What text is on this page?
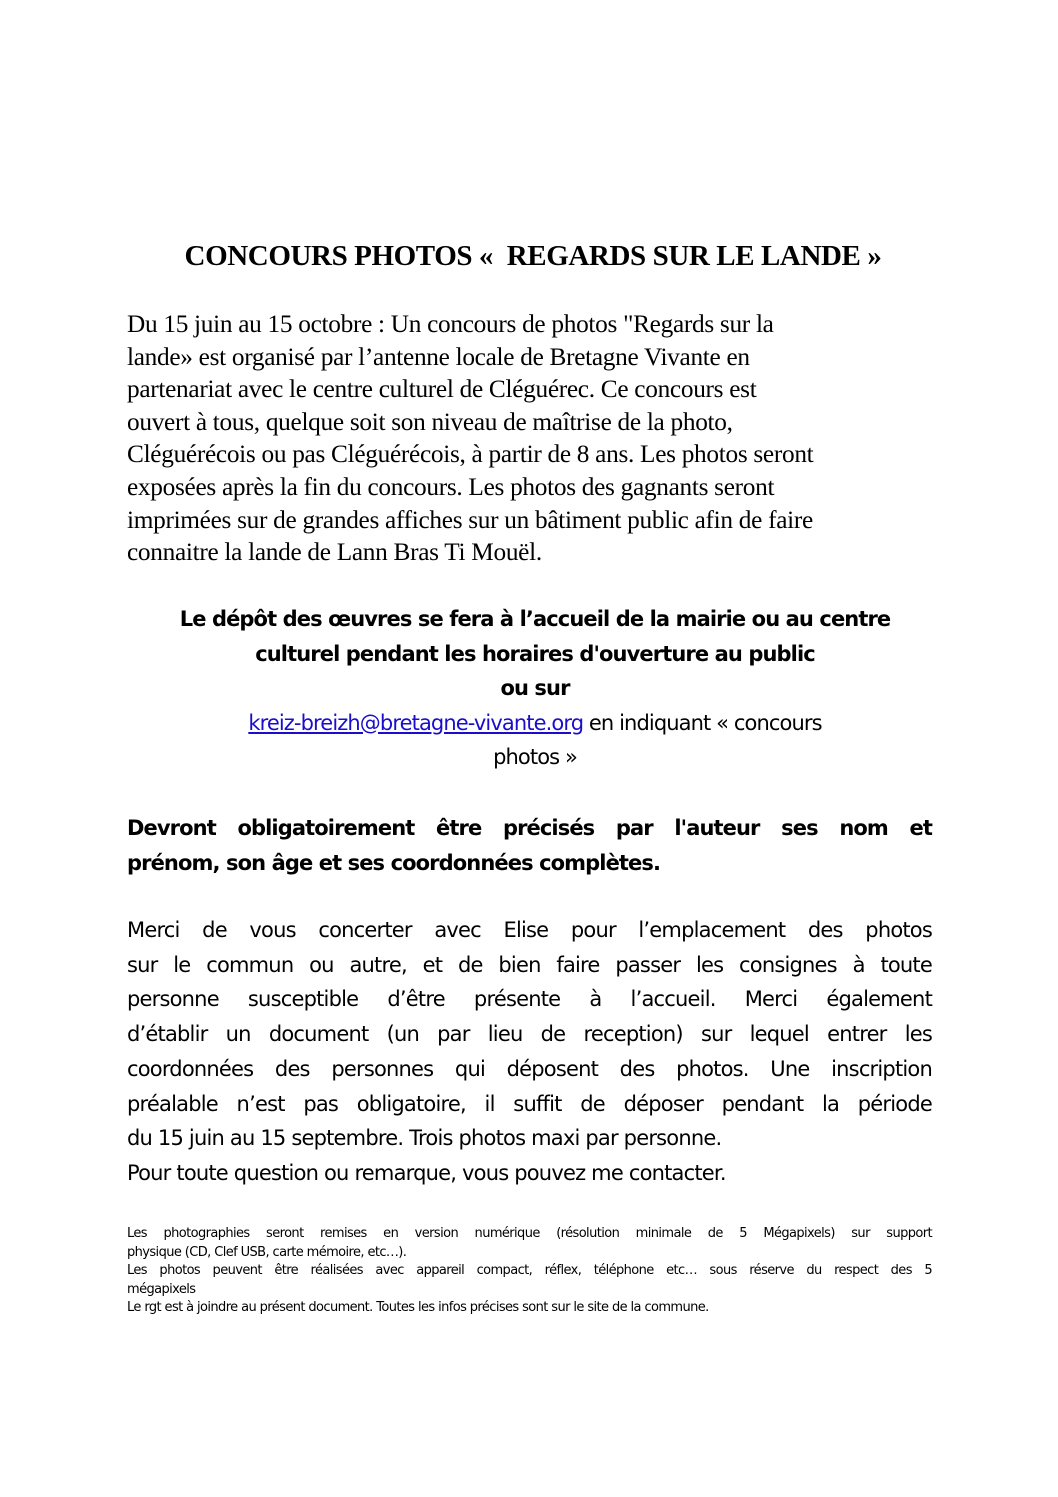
CONCOURS PHOTOS «  REGARDS SUR LE LANDE »
Du 15 juin au 15 octobre : Un concours de photos "Regards sur la
lande» est organisé par l’antenne locale de Bretagne Vivante en
partenariat avec le centre culturel de Cléguérec. Ce concours est
ouvert à tous, quelque soit son niveau de maîtrise de la photo,
Cléguérécois ou pas Cléguérécois, à partir de 8 ans. Les photos seront
exposées après la fin du concours. Les photos des gagnants seront
imprimées sur de grandes affiches sur un bâtiment public afin de faire
connaitre la lande de Lann Bras Ti Mouël.
Le dépôt des œuvres se fera à l’accueil de la mairie ou au centre
culturel pendant les horaires d'ouverture au public
ou sur
kreiz-breizh@bretagne-vivante.org en indiquant « concours
photos »
Devront obligatoirement être précisés par l'auteur ses nom et
prénom, son âge et ses coordonnées complètes.
Merci de vous concerter avec Elise pour l’emplacement des photos
sur le commun ou autre, et de bien faire passer les consignes à toute
personne susceptible d’être présente à l’accueil. Merci également
d’établir un document (un par lieu de reception) sur lequel entrer les
coordonnées des personnes qui déposent des photos. Une inscription
préalable n’est pas obligatoire, il suffit de déposer pendant la période
du 15 juin au 15 septembre. Trois photos maxi par personne.
Pour toute question ou remarque, vous pouvez me contacter.
Les photographies seront remises en version numérique (résolution minimale de 5 Mégapixels) sur support
physique (CD, Clef USB, carte mémoire, etc…).
Les photos peuvent être réalisées avec appareil compact, réflex, téléphone etc… sous réserve du respect des 5
mégapixels
Le rgt est à joindre au présent document. Toutes les infos précises sont sur le site de la commune.
